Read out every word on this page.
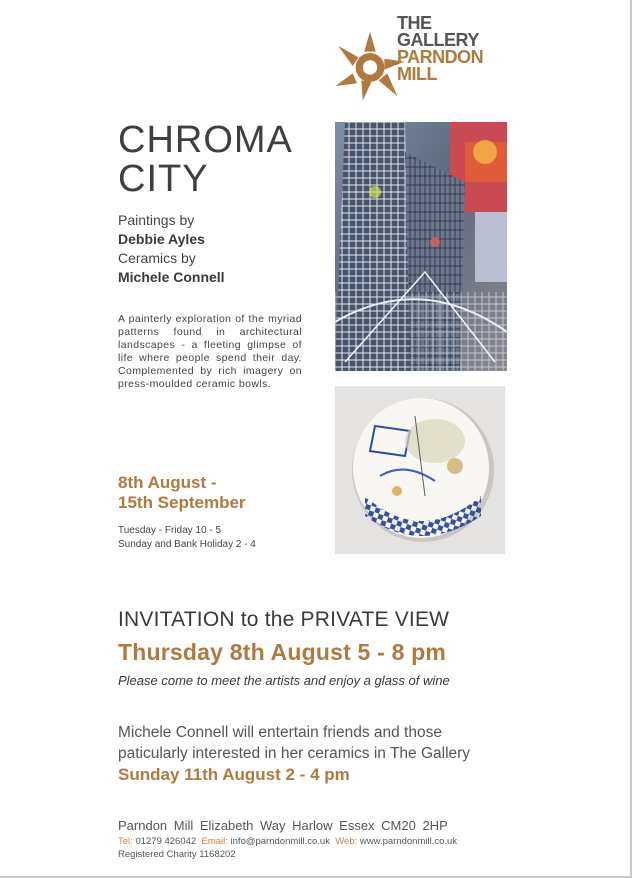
THE
GALLERY
PARNDON
MILL
CHROMA
CITY
Paintings by
Debbie Ayles
Ceramics by
Michele Connell
A painterly exploration of the myriad patterns found in architectural landscapes - a fleeting glimpse of life where people spend their day. Complemented by rich imagery on press-moulded ceramic bowls.
8th August -
15th September
Tuesday - Friday 10 - 5
Sunday and Bank Holiday 2 - 4
INVITATION to the PRIVATE VIEW
Thursday 8th August 5 - 8 pm
Please come to meet the artists and enjoy a glass of wine
Michele Connell will entertain friends and those
paticularly interested in her ceramics in The Gallery
Sunday 11th August 2 - 4 pm
Parndon Mill Elizabeth Way Harlow Essex CM20 2HP
Tel: 01279 426042 Email: info@parndonmill.co.uk Web: www.parndonmill.co.uk
Registered Charity 1168202
